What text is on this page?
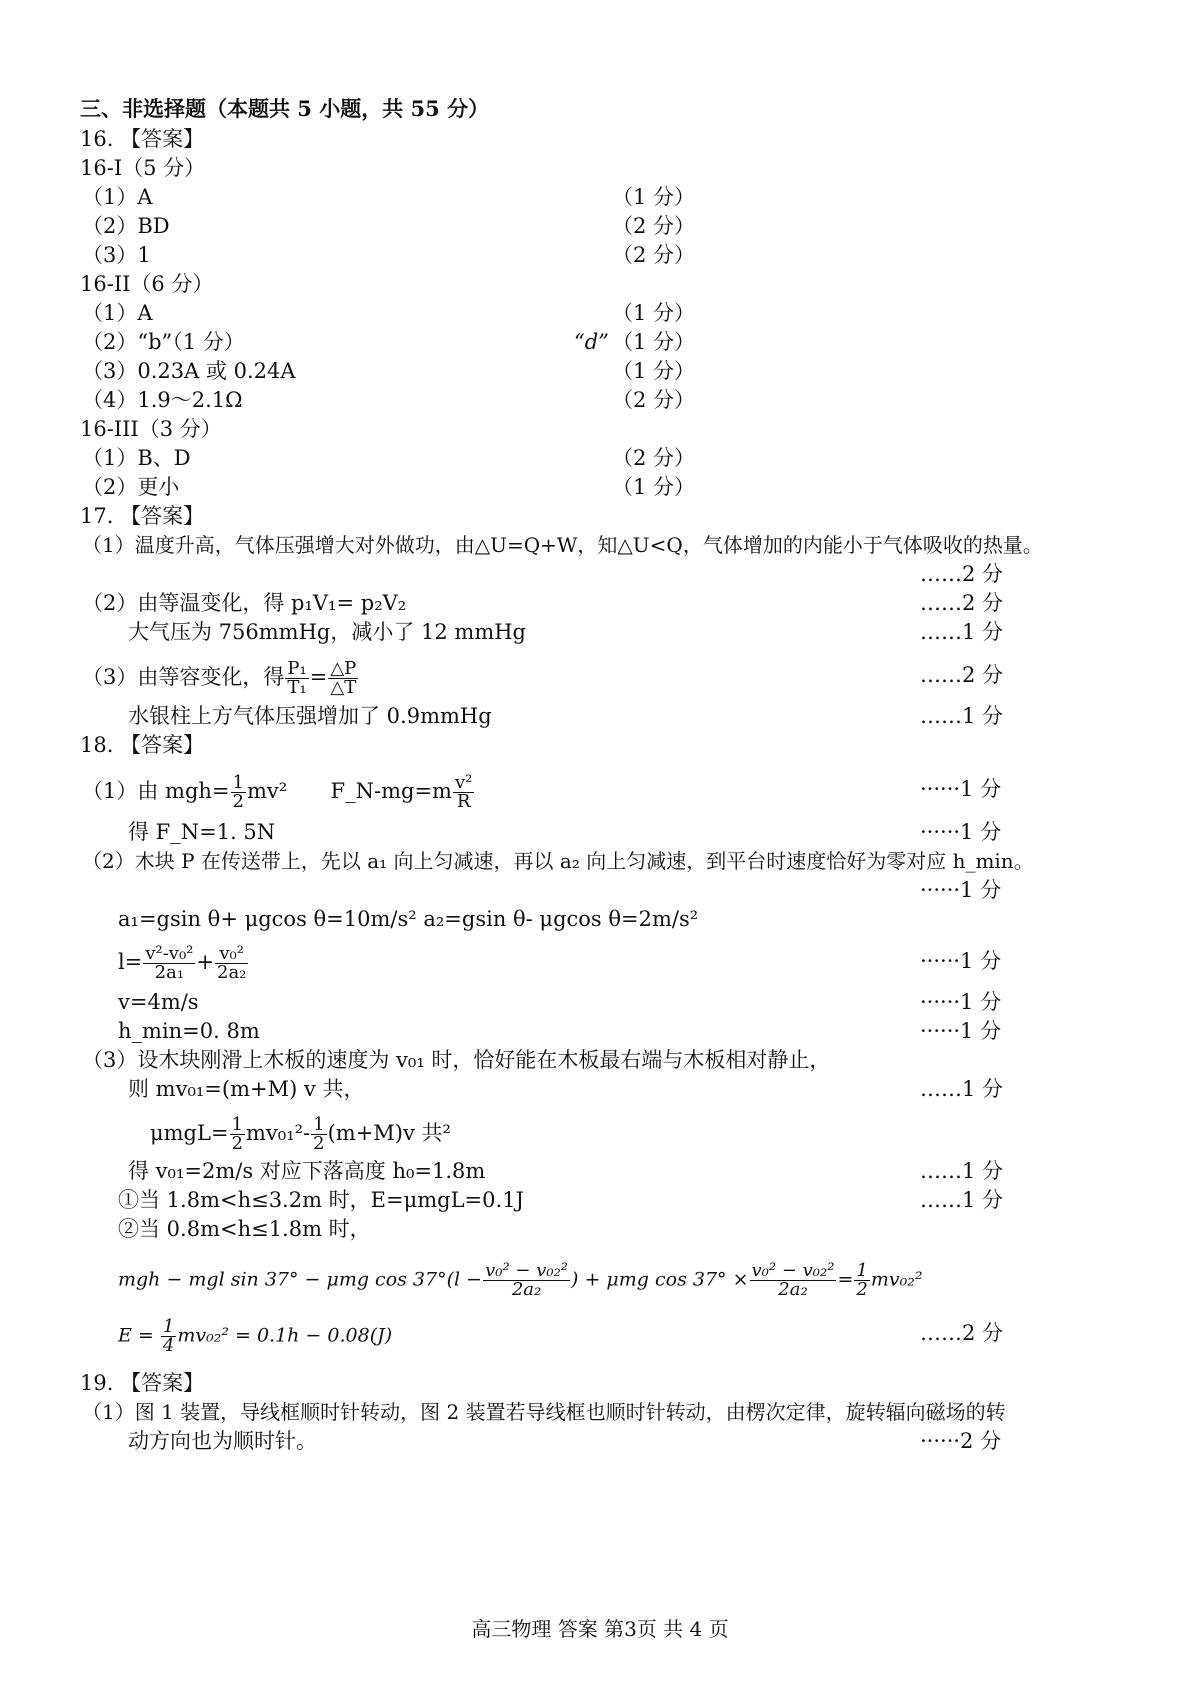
三、非选择题（本题共 5 小题，共 55 分）
16. 【答案】
16-I（5 分）
（1）A	（1 分）
（2）BD	（2 分）
（3）1	（2 分）
16-II（6 分）
（1）A	（1 分）
（2）“b”（1 分）	“d” （1 分）
（3）0.23A 或 0.24A	（1 分）
（4）1.9～2.1Ω	（2 分）
16-III（3 分）
（1）B、D	（2 分）
（2）更小	（1 分）
17. 【答案】
（1）温度升高，气体压强增大对外做功，由△U=Q+W，知△U<Q，气体增加的内能小于气体吸收的热量。
……2 分
（2）由等温变化，得 p₁V₁= p₂V₂	……2 分
大气压为 756mmHg，减小了 12 mmHg	……1 分
（3）由等容变化，得 $\frac{\text{P₁}}{\text{T₁}} = \frac{\triangle P}{\triangle T}$	……2 分
水银柱上方气体压强增加了 0.9mmHg	……1 分
18. 【答案】
（1）由 $mgh= \frac{1}{2} mv^2$ F_N-mg=m $\frac{\text{v²}}{R}$	······1 分
得 F_N=1. 5N	······1 分
（2）木块 P 在传送带上，先以 a₁ 向上匀减速，再以 a₂ 向上匀减速，到平台时速度恰好为零对应 h_min。
······1 分
a₁=gsin θ+ μgcos θ=10m/s² a₂=gsin θ- μgcos θ=2m/s²
$l= \frac{\text{v²-v₀²}}{\text{2a₁}} + \frac{\text{v₀²}}{\text{2a₂}}$	······1 分
v=4m/s	······1 分
h_min=0. 8m	······1 分
（3）设木块刚滑上木板的速度为 v₀₁ 时，恰好能在木板最右端与木板相对静止，
则 mv₀₁=(m+M) v 共，	……1 分
$\mu mgL= \frac{1}{2} mv_{01}^2- \frac{1}{2} (m+M)v$ 共²
得 v₀₁=2m/s 对应下落高度 h₀=1.8m	……1 分
①当 1.8m<h≤3.2m 时，E=μmgL=0.1J	……1 分
②当 0.8m<h≤1.8m 时，
mgh − mgl sin 37° − μmg $\cos 37^\circ(l - \frac{\text{v₀² − v₀₂²}}{\text{2a₂}}$ ) + μmg $\cos 37^\circ \times \frac{\text{v₀² − v₀₂²}}{\text{2a₂}} = \frac{1}{2} mv_{02}^2$
$E = \frac{1}{4} mv_{02}^2 = 0.1h - 0.08(J)$	……2 分
19. 【答案】
（1）图 1 装置，导线框顺时针转动，图 2 装置若导线框也顺时针转动，由楞次定律，旋转辐向磁场的转
动方向也为顺时针。	······2 分
高三物理 答案 第3页 共 4 页
